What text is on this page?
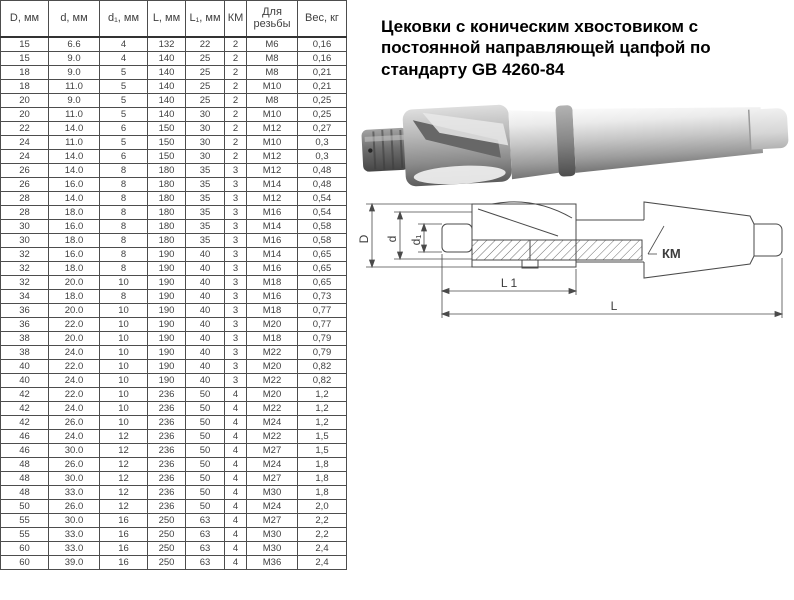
D, мм	d, мм	d₁, мм	L, мм	L₁, мм	КМ	Для резьбы	Вес, кг
15	6.6	4	132	22	2	М6	0,16
15	9.0	4	140	25	2	М8	0,16
18	9.0	5	140	25	2	М8	0,21
18	11.0	5	140	25	2	М10	0,21
20	9.0	5	140	25	2	М8	0,25
20	11.0	5	140	30	2	М10	0,25
22	14.0	6	150	30	2	М12	0,27
24	11.0	5	150	30	2	М10	0,3
24	14.0	6	150	30	2	М12	0,3
26	14.0	8	180	35	3	М12	0,48
26	16.0	8	180	35	3	М14	0,48
28	14.0	8	180	35	3	М12	0,54
28	18.0	8	180	35	3	М16	0,54
30	16.0	8	180	35	3	М14	0,58
30	18.0	8	180	35	3	М16	0,58
32	16.0	8	190	40	3	М14	0,65
32	18.0	8	190	40	3	М16	0,65
32	20.0	10	190	40	3	М18	0,65
34	18.0	8	190	40	3	М16	0,73
36	20.0	10	190	40	3	М18	0,77
36	22.0	10	190	40	3	М20	0,77
38	20.0	10	190	40	3	М18	0,79
38	24.0	10	190	40	3	М22	0,79
40	22.0	10	190	40	3	М20	0,82
40	24.0	10	190	40	3	М22	0,82
42	22.0	10	236	50	4	М20	1,2
42	24.0	10	236	50	4	М22	1,2
42	26.0	10	236	50	4	М24	1,2
46	24.0	12	236	50	4	М22	1,5
46	30.0	12	236	50	4	М27	1,5
48	26.0	12	236	50	4	М24	1,8
48	30.0	12	236	50	4	М27	1,8
48	33.0	12	236	50	4	М30	1,8
50	26.0	12	236	50	4	М24	2,0
55	30.0	16	250	63	4	М27	2,2
55	33.0	16	250	63	4	М30	2,2
60	33.0	16	250	63	4	М30	2,4
60	39.0	16	250	63	4	М36	2,4
Цековки с коническим хвостовиком с постоянной направляющей цапфой по стандарту GB 4260-84
D d d₁
L 1
L
КМ
